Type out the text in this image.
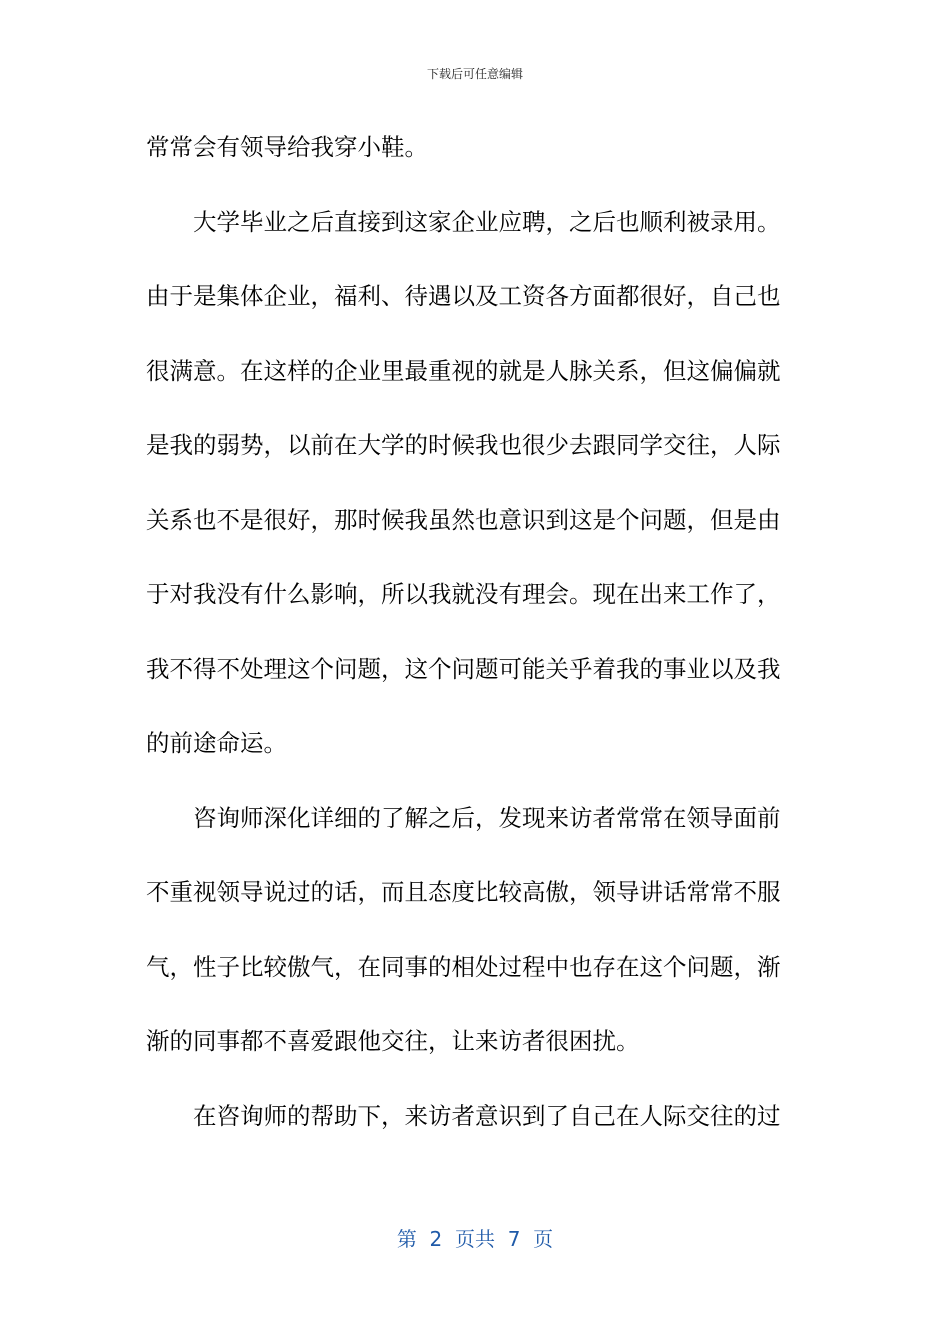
下载后可任意编辑
常常会有领导给我穿小鞋。
大学毕业之后直接到这家企业应聘，之后也顺利被录用。
由于是集体企业，福利、待遇以及工资各方面都很好，自己也
很满意。在这样的企业里最重视的就是人脉关系，但这偏偏就
是我的弱势，以前在大学的时候我也很少去跟同学交往，人际
关系也不是很好，那时候我虽然也意识到这是个问题，但是由
于对我没有什么影响，所以我就没有理会。现在出来工作了，
我不得不处理这个问题，这个问题可能关乎着我的事业以及我
的前途命运。
咨询师深化详细的了解之后，发现来访者常常在领导面前
不重视领导说过的话，而且态度比较高傲，领导讲话常常不服
气，性子比较傲气，在同事的相处过程中也存在这个问题，渐
渐的同事都不喜爱跟他交往，让来访者很困扰。
在咨询师的帮助下，来访者意识到了自己在人际交往的过
第  2  页共  7  页
